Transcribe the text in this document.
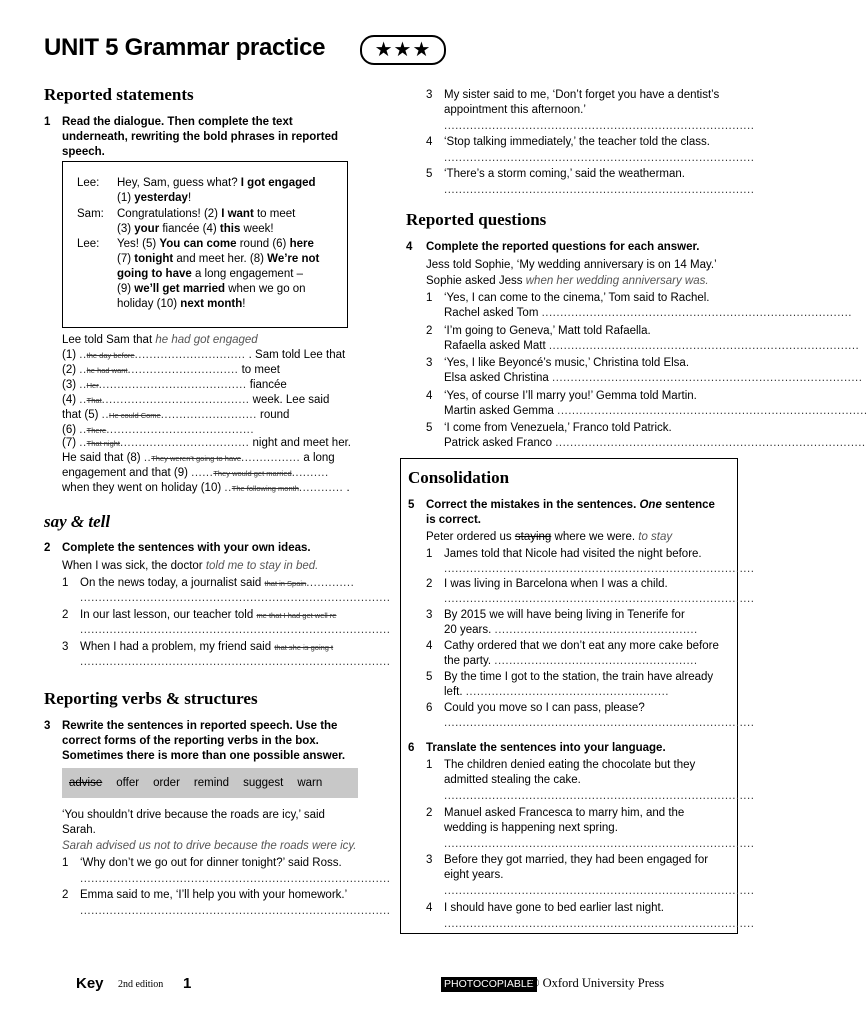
UNIT 5 Grammar practice	★★★
Reported statements
1 Read the dialogue. Then complete the text underneath, rewriting the bold phrases in reported speech.
Lee: Hey, Sam, guess what? I got engaged
(1) yesterday!
Sam: Congratulations! (2) I want to meet
(3) your fiancée (4) this week!
Lee: Yes! (5) You can come round (6) here
(7) tonight and meet her. (8) We’re not
going to have a long engagement –
(9) we’ll get married when we go on
holiday (10) next month!
Lee told Sam that he had got engaged
(1) ..the day before.............................. . Sam told Lee that
(2) ..he had want.............................. to meet
(3) ..Her........................................ fiancée
(4) ..That........................................ week. Lee said
that (5) ..He could Come.......................... round
(6) ..There........................................
(7) ..That night................................... night and meet her.
He said that (8) ..They weren't going to have................ a long
engagement and that (9) ......They would get married..........
when they went on holiday (10) ..The following month............ .
say & tell
2 Complete the sentences with your own ideas.
When I was sick, the doctor told me to stay in bed.
1 On the news today, a journalist said that in Spain.............
....................................................................................
2 In our last lesson, our teacher told me that I had get well re
....................................................................................
3 When I had a problem, my friend said that she is going t
....................................................................................
Reporting verbs & structures
3 Rewrite the sentences in reported speech. Use the correct forms of the reporting verbs in the box. Sometimes there is more than one possible answer.
advise offer order remind suggest warn
‘You shouldn’t drive because the roads are icy,’ said Sarah.
Sarah advised us not to drive because the roads were icy.
1 ‘Why don’t we go out for dinner tonight?’ said Ross.
....................................................................................
2 Emma said to me, ‘I’ll help you with your homework.’
....................................................................................
3 My sister said to me, ‘Don’t forget you have a dentist’s appointment this afternoon.’
....................................................................................
4 ‘Stop talking immediately,’ the teacher told the class.
....................................................................................
5 ‘There’s a storm coming,’ said the weatherman.
....................................................................................
Reported questions
4 Complete the reported questions for each answer.
Jess told Sophie, ‘My wedding anniversary is on 14 May.’
Sophie asked Jess when her wedding anniversary was.
1 ‘Yes, I can come to the cinema,’ Tom said to Rachel.
Rachel asked Tom ....................................................................................
2 ‘I’m going to Geneva,’ Matt told Rafaella.
Rafaella asked Matt ....................................................................................
3 ‘Yes, I like Beyoncé’s music,’ Christina told Elsa.
Elsa asked Christina ....................................................................................
4 ‘Yes, of course I’ll marry you!’ Gemma told Martin.
Martin asked Gemma ....................................................................................
5 ‘I come from Venezuela,’ Franco told Patrick.
Patrick asked Franco ....................................................................................
Consolidation
5 Correct the mistakes in the sentences. One sentence is correct.
Peter ordered us staying where we were. to stay
1 James told that Nicole had visited the night before.
....................................................................................
2 I was living in Barcelona when I was a child.
....................................................................................
3 By 2015 we will have being living in Tenerife for
20 years. .......................................................
4 Cathy ordered that we don’t eat any more cake before
the party. .......................................................
5 By the time I got to the station, the train have already
left. .......................................................
6 Could you move so I can pass, please?
....................................................................................
6 Translate the sentences into your language.
1 The children denied eating the chocolate but they
admitted stealing the cake.
....................................................................................
2 Manuel asked Francesca to marry him, and the
wedding is happening next spring.
....................................................................................
3 Before they got married, they had been engaged for
eight years.
....................................................................................
4 I should have gone to bed earlier last night.
....................................................................................
Key 2nd edition 1	PHOTOCOPIABLE
© Oxford University Press
